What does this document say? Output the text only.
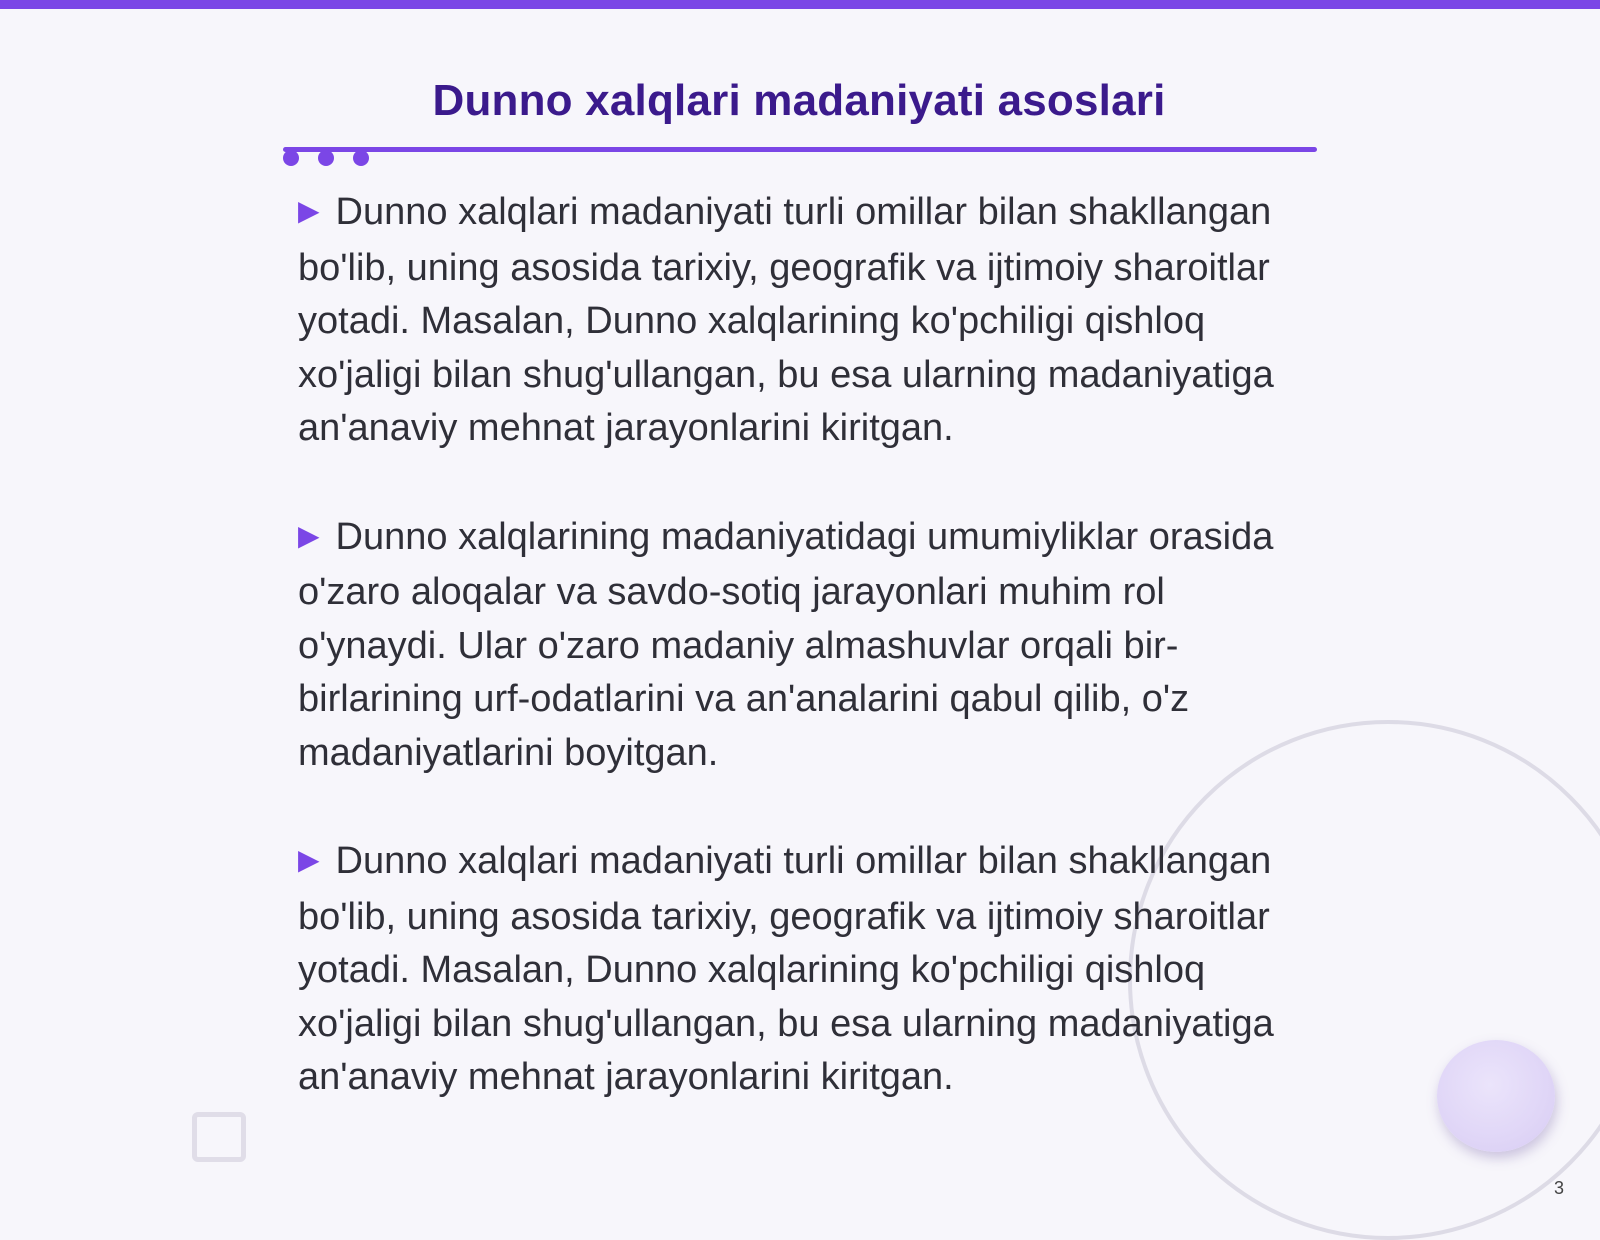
Dunno xalqlari madaniyati asoslari

▶ Dunno xalqlari madaniyati turli omillar bilan shakllangan bo'lib, uning asosida tarixiy, geografik va ijtimoiy sharoitlar yotadi. Masalan, Dunno xalqlarining ko'pchiligi qishloq xo'jaligi bilan shug'ullangan, bu esa ularning madaniyatiga an'anaviy mehnat jarayonlarini kiritgan.

▶ Dunno xalqlarining madaniyatidagi umumiyliklar orasida o'zaro aloqalar va savdo-sotiq jarayonlari muhim rol o'ynaydi. Ular o'zaro madaniy almashuvlar orqali bir-birlarining urf-odatlarini va an'analarini qabul qilib, o'z madaniyatlarini boyitgan.

▶ Dunno xalqlari madaniyati turli omillar bilan shakllangan bo'lib, uning asosida tarixiy, geografik va ijtimoiy sharoitlar yotadi. Masalan, Dunno xalqlarining ko'pchiligi qishloq xo'jaligi bilan shug'ullangan, bu esa ularning madaniyatiga an'anaviy mehnat jarayonlarini kiritgan.

3
